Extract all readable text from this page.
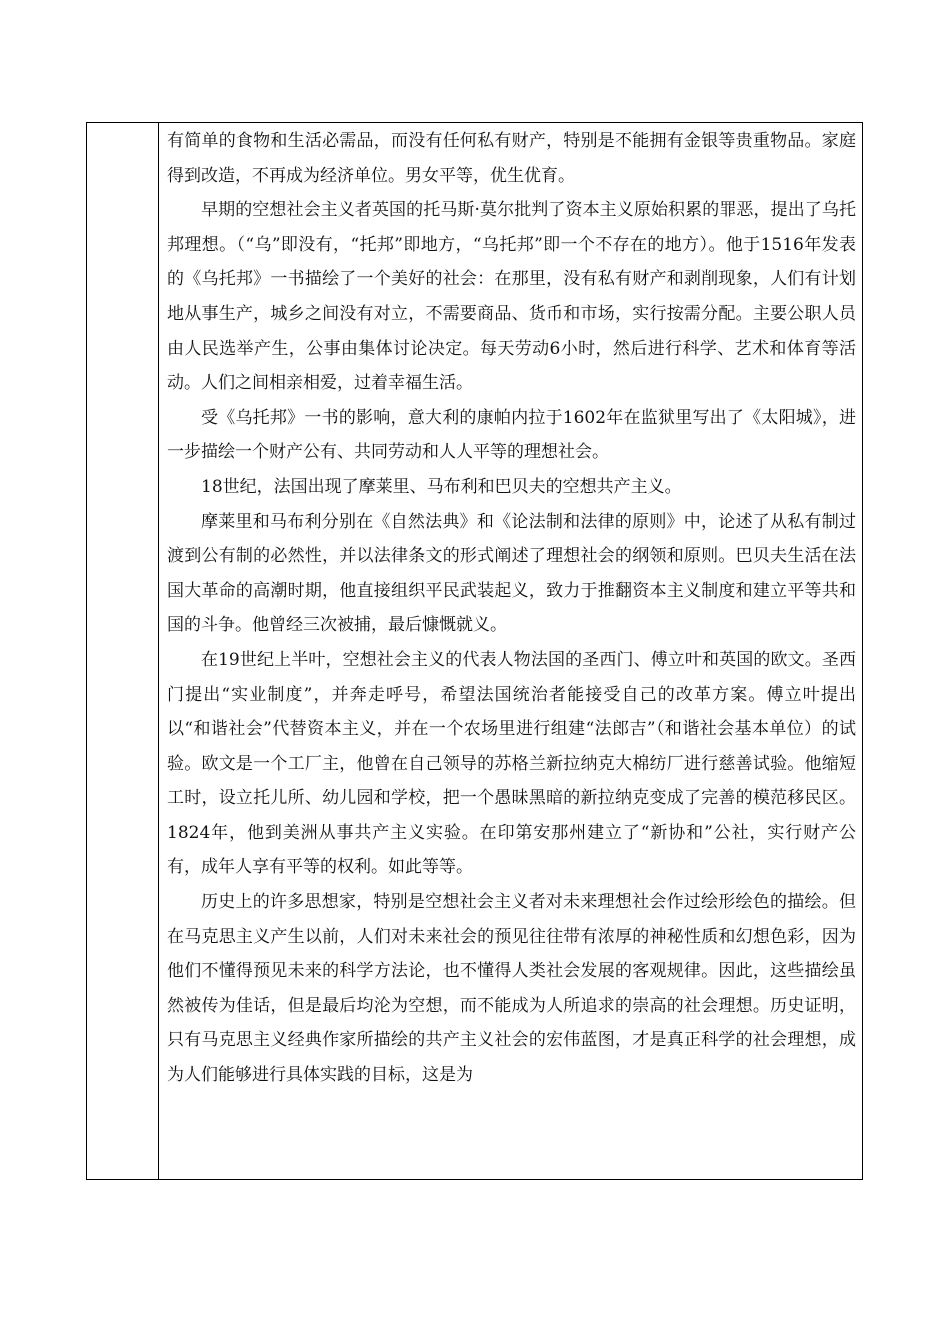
有简单的食物和生活必需品，而没有任何私有财产，特别是不能拥有金银等贵重物品。家庭得到改造，不再成为经济单位。男女平等，优生优育。

早期的空想社会主义者英国的托马斯·莫尔批判了资本主义原始积累的罪恶，提出了乌托邦理想。（“乌”即没有，“托邦”即地方，“乌托邦”即一个不存在的地方）。他于1516年发表的《乌托邦》一书描绘了一个美好的社会：在那里，没有私有财产和剥削现象，人们有计划地从事生产，城乡之间没有对立，不需要商品、货币和市场，实行按需分配。主要公职人员由人民选举产生，公事由集体讨论决定。每天劳动6小时，然后进行科学、艺术和体育等活动。人们之间相亲相爱，过着幸福生活。

受《乌托邦》一书的影响，意大利的康帕内拉于1602年在监狱里写出了《太阳城》，进一步描绘一个财产公有、共同劳动和人人平等的理想社会。

18世纪，法国出现了摩莱里、马布利和巴贝夫的空想共产主义。

摩莱里和马布利分别在《自然法典》和《论法制和法律的原则》中，论述了从私有制过渡到公有制的必然性，并以法律条文的形式阐述了理想社会的纲领和原则。巴贝夫生活在法国大革命的高潮时期，他直接组织平民武装起义，致力于推翻资本主义制度和建立平等共和国的斗争。他曾经三次被捕，最后慷慨就义。

在19世纪上半叶，空想社会主义的代表人物法国的圣西门、傅立叶和英国的欧文。圣西门提出“实业制度”，并奔走呼号，希望法国统治者能接受自己的改革方案。傅立叶提出以“和谐社会”代替资本主义，并在一个农场里进行组建“法郎吉”（和谐社会基本单位）的试验。欧文是一个工厂主，他曾在自己领导的苏格兰新拉纳克大棉纺厂进行慈善试验。他缩短工时，设立托儿所、幼儿园和学校，把一个愚昧黑暗的新拉纳克变成了完善的模范移民区。1824年，他到美洲从事共产主义实验。在印第安那州建立了“新协和”公社，实行财产公有，成年人享有平等的权利。如此等等。

历史上的许多思想家，特别是空想社会主义者对未来理想社会作过绘形绘色的描绘。但在马克思主义产生以前，人们对未来社会的预见往往带有浓厚的神秘性质和幻想色彩，因为他们不懂得预见未来的科学方法论，也不懂得人类社会发展的客观规律。因此，这些描绘虽然被传为佳话，但是最后均沦为空想，而不能成为人所追求的崇高的社会理想。历史证明，只有马克思主义经典作家所描绘的共产主义社会的宏伟蓝图，才是真正科学的社会理想，成为人们能够进行具体实践的目标，这是为
